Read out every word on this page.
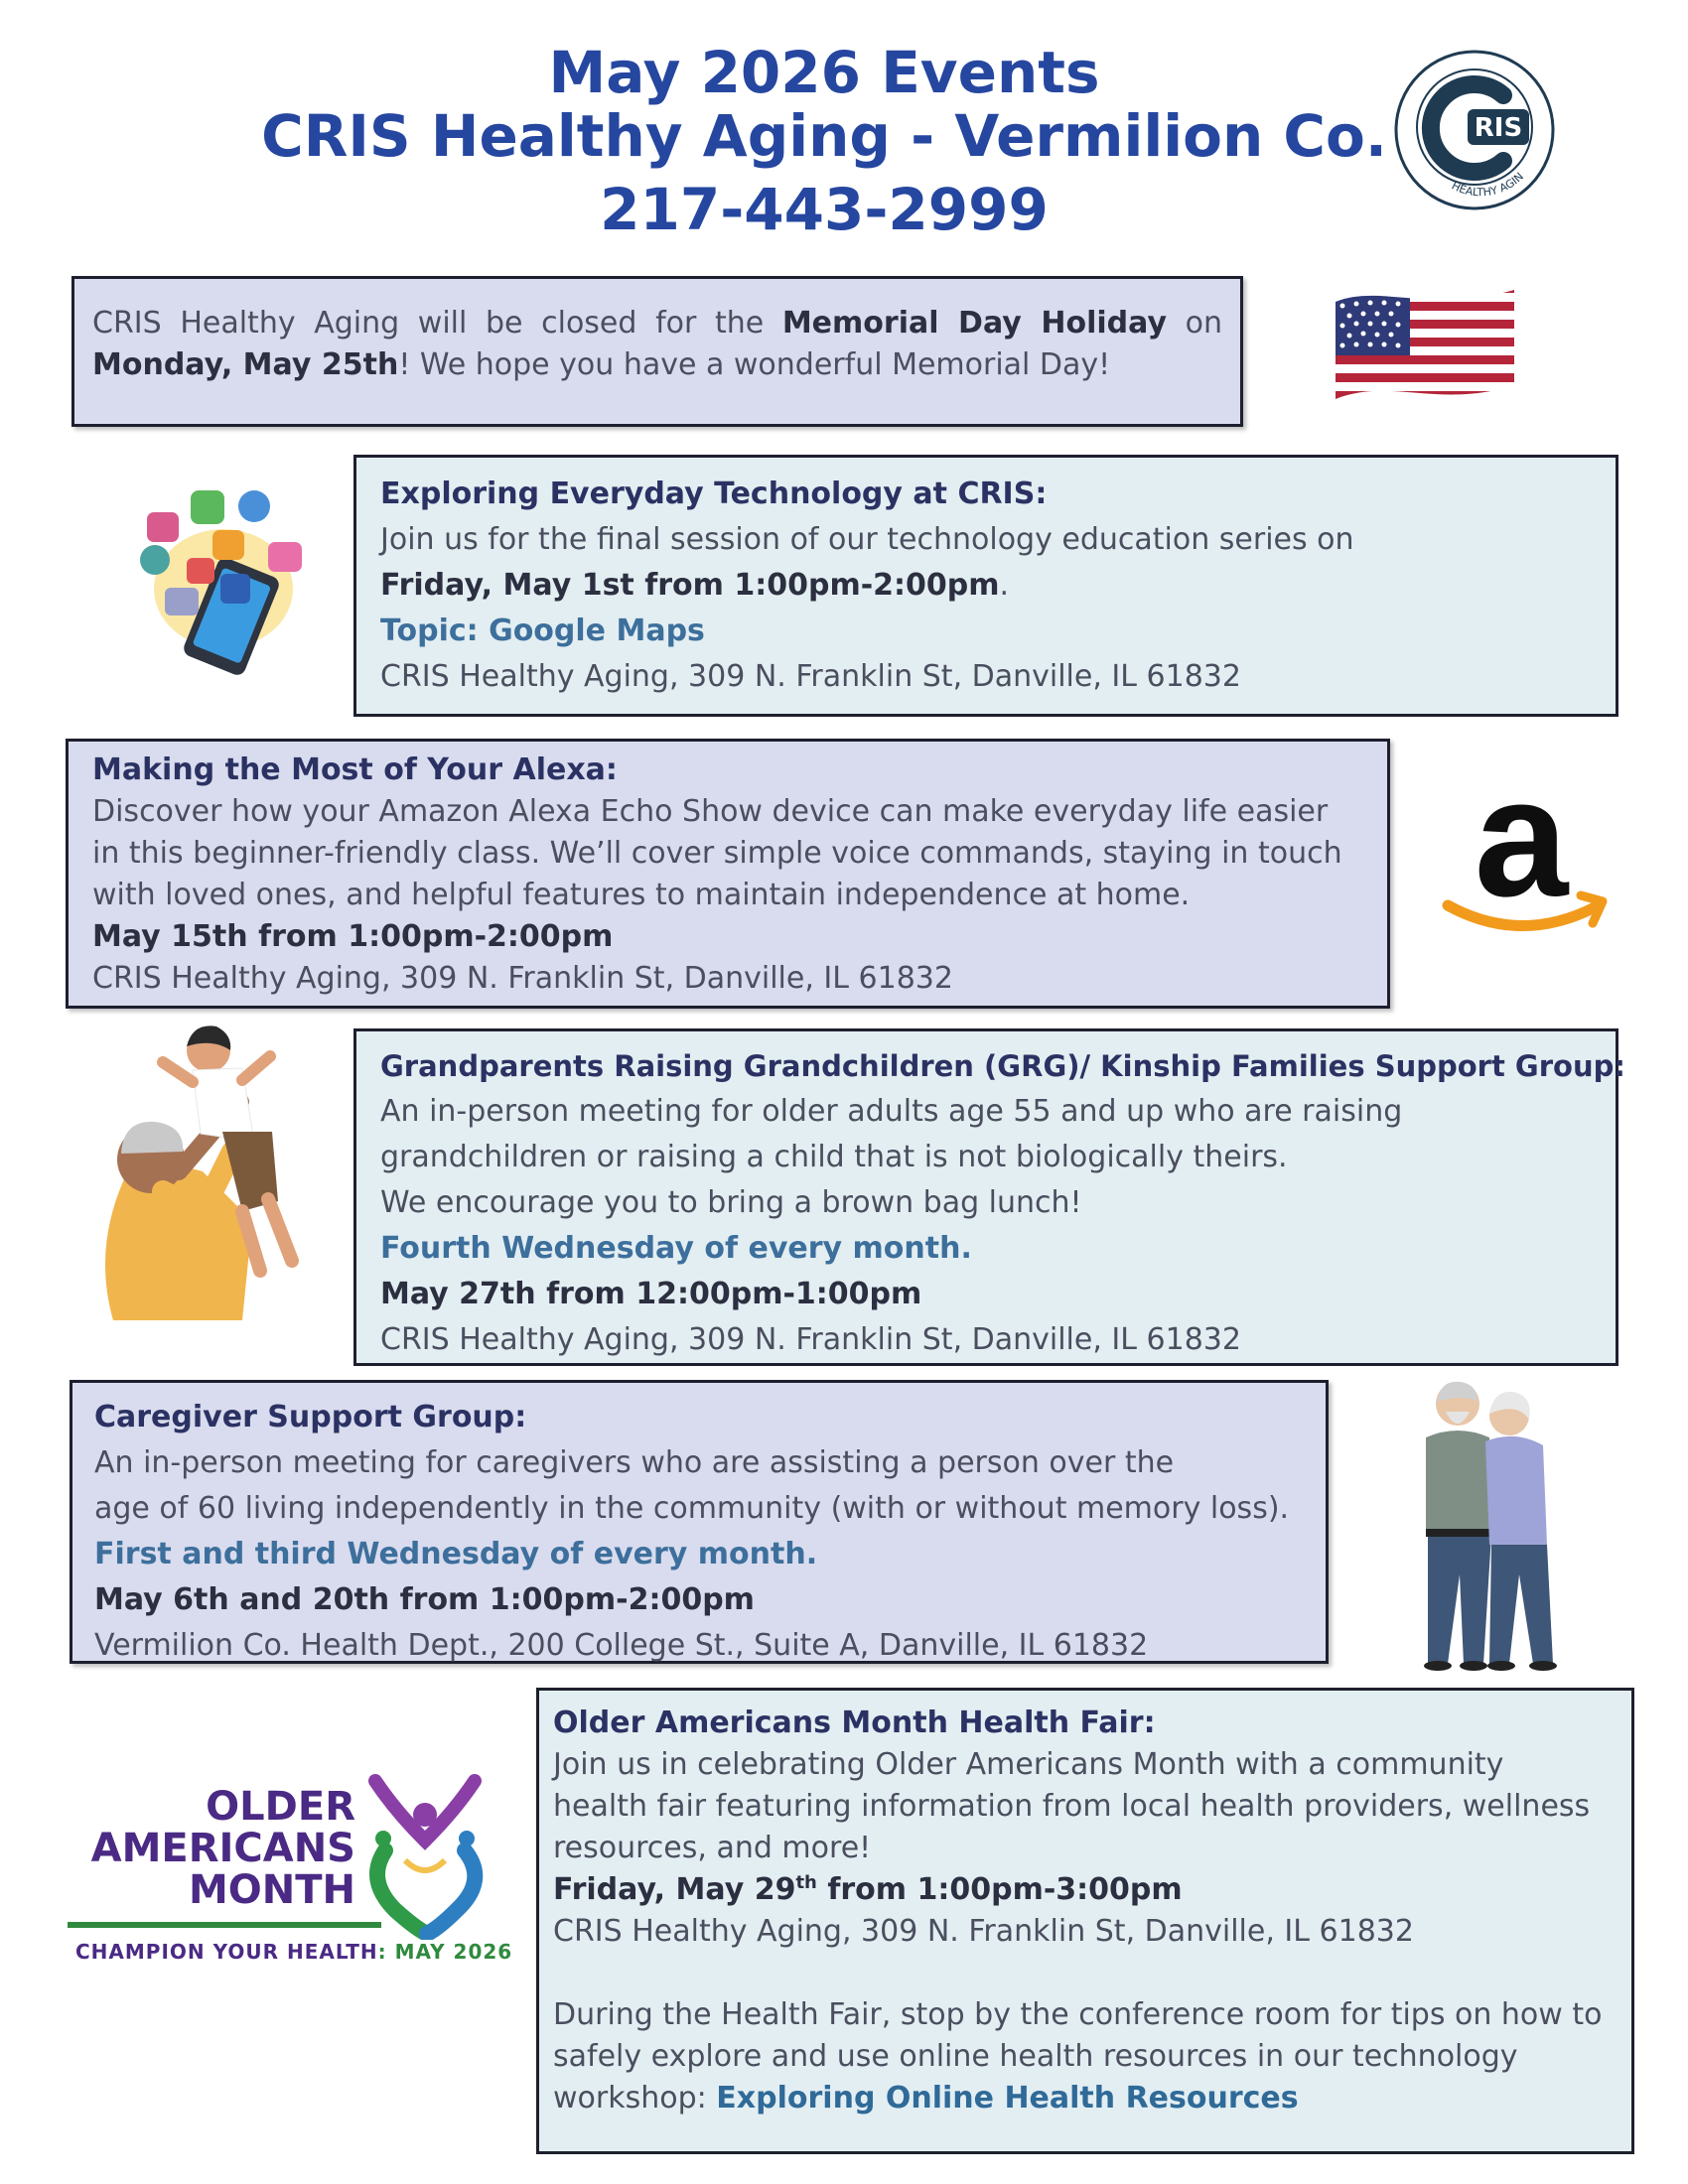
May 2026 Events
CRIS Healthy Aging - Vermilion Co.
217-443-2999
RIS
HEALTHY AGIN
CRIS Healthy Aging will be closed for the Memorial Day Holiday on
Monday, May 25th! We hope you have a wonderful Memorial Day!
Exploring Everyday Technology at CRIS:
Join us for the final session of our technology education series on
Friday, May 1st from 1:00pm-2:00pm.
Topic: Google Maps
CRIS Healthy Aging, 309 N. Franklin St, Danville, IL 61832
Making the Most of Your Alexa:
Discover how your Amazon Alexa Echo Show device can make everyday life easier
in this beginner-friendly class. We’ll cover simple voice commands, staying in touch
with loved ones, and helpful features to maintain independence at home.
May 15th from 1:00pm-2:00pm
CRIS Healthy Aging, 309 N. Franklin St, Danville, IL 61832
a
Grandparents Raising Grandchildren (GRG)/ Kinship Families Support Group:
An in-person meeting for older adults age 55 and up who are raising
grandchildren or raising a child that is not biologically theirs.
We encourage you to bring a brown bag lunch!
Fourth Wednesday of every month.
May 27th from 12:00pm-1:00pm
CRIS Healthy Aging, 309 N. Franklin St, Danville, IL 61832
Caregiver Support Group:
An in-person meeting for caregivers who are assisting a person over the
age of 60 living independently in the community (with or without memory loss).
First and third Wednesday of every month.
May 6th and 20th from 1:00pm-2:00pm
Vermilion Co. Health Dept., 200 College St., Suite A, Danville, IL 61832
OLDER
AMERICANS
MONTH
CHAMPION YOUR HEALTH: MAY 2026
Older Americans Month Health Fair:
Join us in celebrating Older Americans Month with a community
health fair featuring information from local health providers, wellness
resources, and more!
Friday, May 29th from 1:00pm-3:00pm
CRIS Healthy Aging, 309 N. Franklin St, Danville, IL 61832

During the Health Fair, stop by the conference room for tips on how to
safely explore and use online health resources in our technology
workshop: Exploring Online Health Resources
